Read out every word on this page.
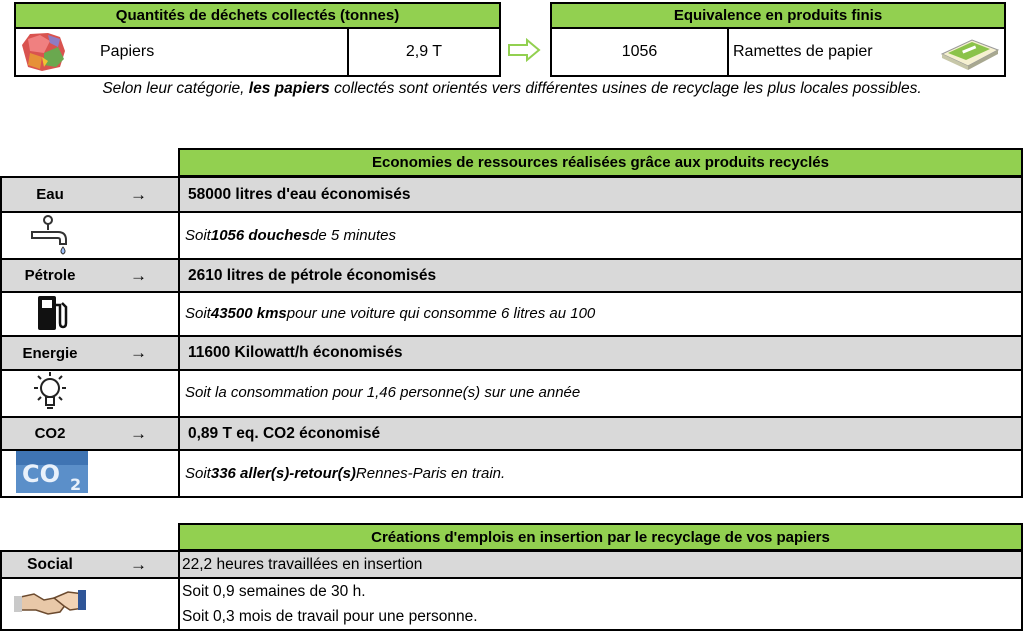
Quantités de déchets collectés (tonnes)
Papiers	2,9 T
Equivalence en produits finis
1056	Ramettes de papier
Selon leur catégorie, les papiers collectés sont orientés vers différentes usines de recyclage les plus locales possibles.
Economies de ressources réalisées grâce aux produits recyclés
Eau	→	58000 litres d'eau économisés
Soit 1056 douches de 5 minutes
Pétrole	→	2610 litres de pétrole économisés
Soit 43500 kms pour une voiture qui consomme 6 litres au 100
Energie	→	11600 Kilowatt/h économisés
Soit la consommation pour 1,46 personne(s) sur une année
CO2	→	0,89 T eq. CO2 économisé
CO 2
Soit 336 aller(s)-retour(s) Rennes-Paris en train.
Créations d'emplois en insertion par le recyclage de vos papiers
Social	→ 22,2 heures travaillées en insertion
Soit 0,9 semaines de 30 h.
Soit 0,3 mois de travail pour une personne.
